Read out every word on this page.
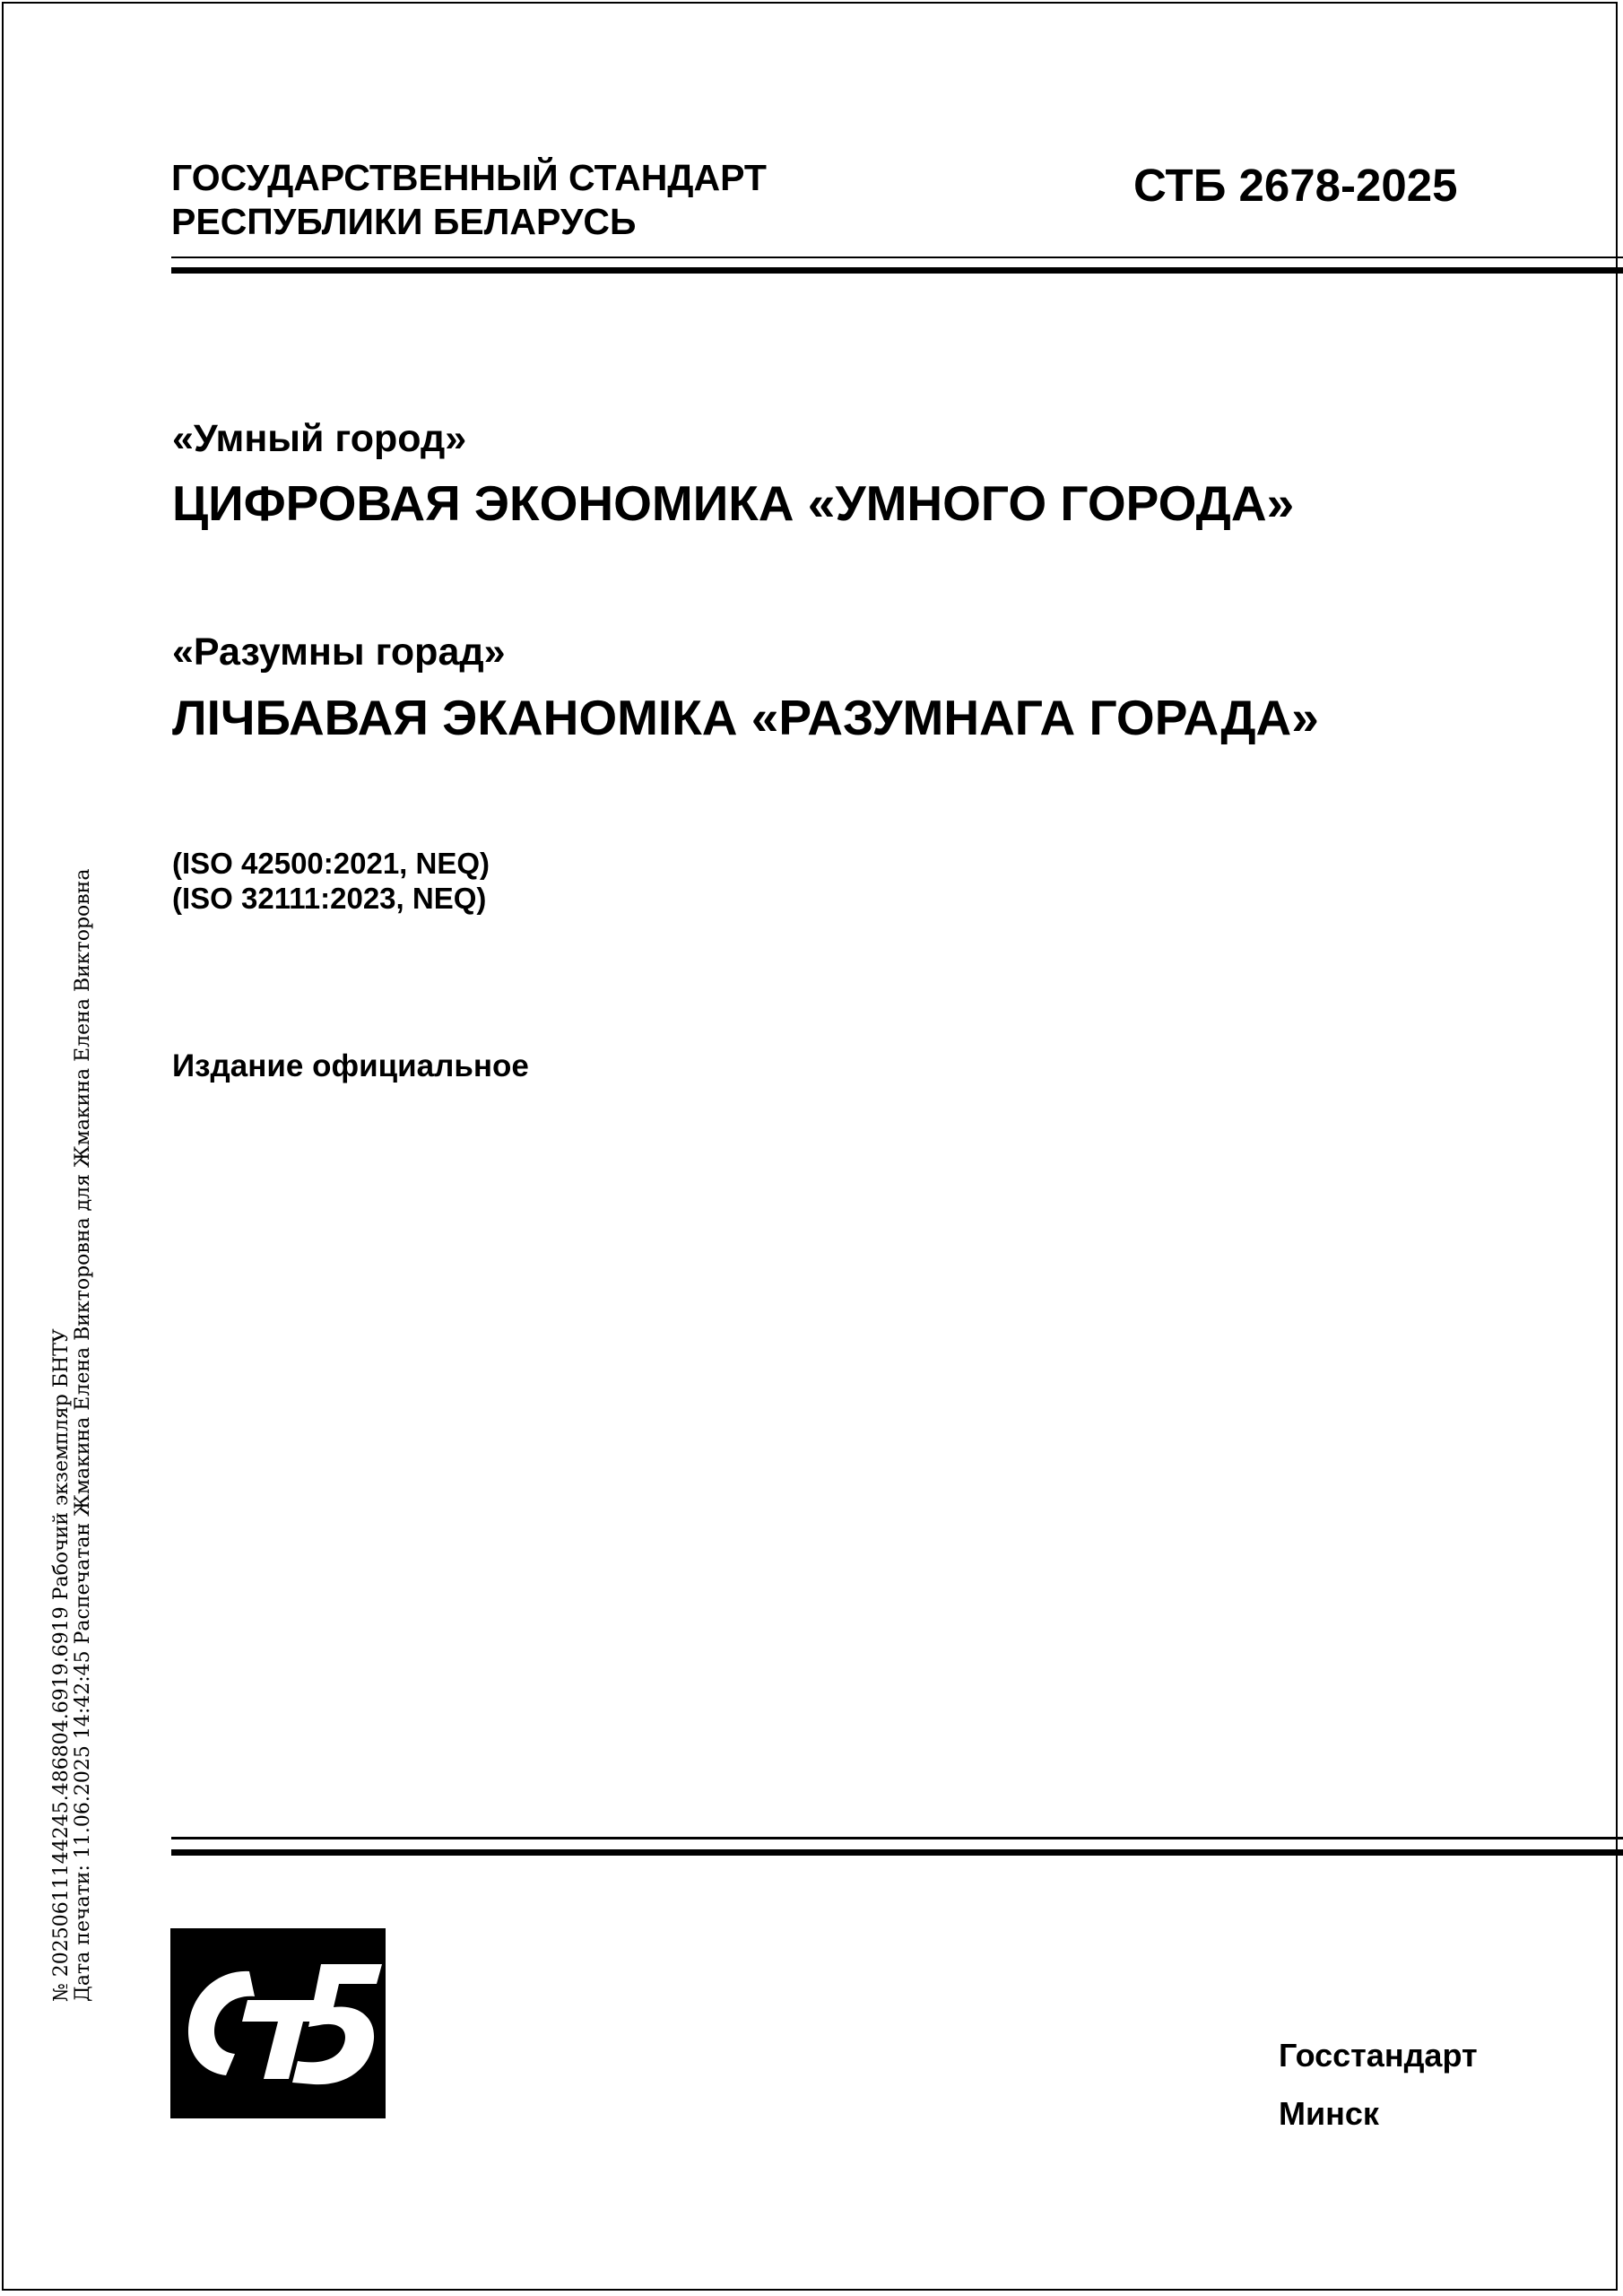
ГОСУДАРСТВЕННЫЙ СТАНДАРТ
РЕСПУБЛИКИ БЕЛАРУСЬ
СТБ 2678-2025
«Умный город»
ЦИФРОВАЯ ЭКОНОМИКА «УМНОГО ГОРОДА»
«Разумны горад»
ЛІЧБАВАЯ ЭКАНОМІКА «РАЗУМНАГА ГОРАДА»
(ISO 42500:2021, NEQ)
(ISO 32111:2023, NEQ)
Издание официальное
Госстандарт
Минск
№ 20250611144245.486804.6919.6919 Рабочий экземпляр БНТУ Дата печати: 11.06.2025 14:42:45 Распечатан Жмакина Елена Викторовна для Жмакина Елена Викторовна
